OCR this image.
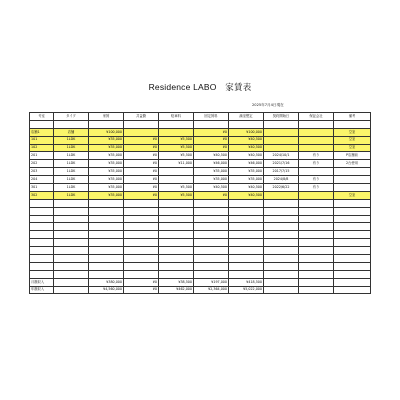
Residence LABO　家賃表
2025年7月4日現在
号室	タイプ	家賃	共益費	駐車料	固定賃料	満室想定	契約開始日	保証会社	備考

店舗1	店舗	¥100,000			¥0	¥100,000			空室
101	1LDK	¥35,000	¥0	¥5,500	¥0	¥40,500			空室
102	1LDK	¥35,000	¥0	¥5,500	¥0	¥40,500			空室
201	1LDK	¥35,000	¥0	¥5,500	¥40,500	¥40,500	2024/10/1	有り	P店舗前
202	1LDK	¥35,000	¥0	¥11,000	¥46,000	¥46,000	2021/7/16	有り	2台使用
203	1LDK	¥35,000	¥0		¥35,000	¥35,000	2017/7/15		
204	1LDK	¥35,000	¥0		¥35,000	¥35,000	2024/8/8	有り	
301	1LDK	¥35,000	¥0	¥5,500	¥40,500	¥40,500	2022/6/22	有り	
302	1LDK	¥35,000	¥0	¥5,500	¥0	¥40,500			空室

月額収入		¥380,000	¥0	¥38,500	¥197,000	¥418,500			
年額収入		¥4,560,000	¥0	¥462,000	¥2,364,000	¥5,022,000			
